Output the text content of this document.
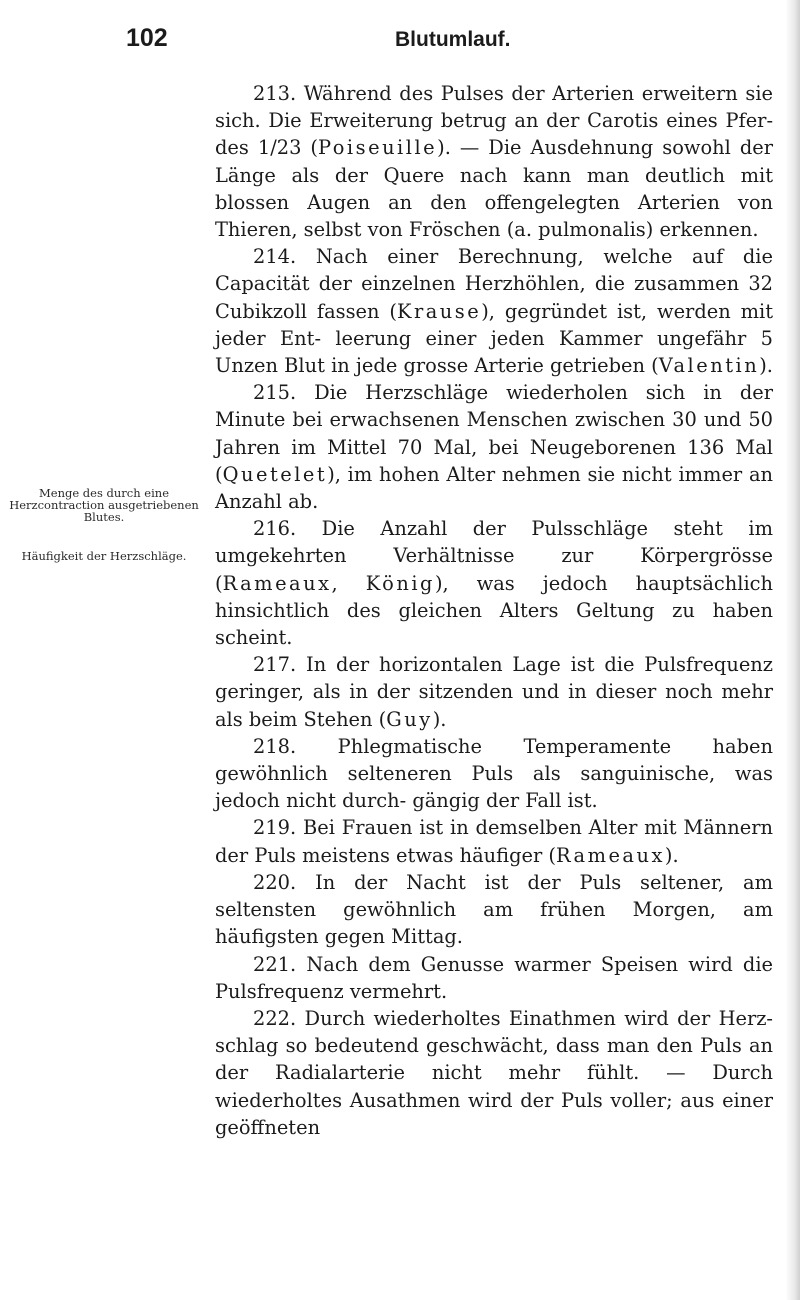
102	Blutumlauf.
Menge des durch eine Herzcontraction ausgetriebenen Blutes.
Häufigkeit der Herzschläge.

213. Während des Pulses der Arterien erweitern sie sich. Die Erweiterung betrug an der Carotis eines Pfer- des 1/23 (Poiseuille). — Die Ausdehnung sowohl der Länge als der Quere nach kann man deutlich mit blossen Augen an den offengelegten Arterien von Thieren, selbst von Fröschen (a. pulmonalis) erkennen.

214. Nach einer Berechnung, welche auf die Capacität der einzelnen Herzhöhlen, die zusammen 32 Cubikzoll fassen (Krause), gegründet ist, werden mit jeder Ent- leerung einer jeden Kammer ungefähr 5 Unzen Blut in jede grosse Arterie getrieben (Valentin).

215. Die Herzschläge wiederholen sich in der Minute bei erwachsenen Menschen zwischen 30 und 50 Jahren im Mittel 70 Mal, bei Neugeborenen 136 Mal (Quetelet), im hohen Alter nehmen sie nicht immer an Anzahl ab.

216. Die Anzahl der Pulsschläge steht im umgekehrten Verhältnisse zur Körpergrösse (Rameaux, König), was jedoch hauptsächlich hinsichtlich des gleichen Alters Geltung zu haben scheint.

217. In der horizontalen Lage ist die Pulsfrequenz geringer, als in der sitzenden und in dieser noch mehr als beim Stehen (Guy).

218. Phlegmatische Temperamente haben gewöhnlich selteneren Puls als sanguinische, was jedoch nicht durch- gängig der Fall ist.

219. Bei Frauen ist in demselben Alter mit Männern der Puls meistens etwas häufiger (Rameaux).

220. In der Nacht ist der Puls seltener, am seltensten gewöhnlich am frühen Morgen, am häufigsten gegen Mittag.

221. Nach dem Genusse warmer Speisen wird die Pulsfrequenz vermehrt.

222. Durch wiederholtes Einathmen wird der Herz- schlag so bedeutend geschwächt, dass man den Puls an der Radialarterie nicht mehr fühlt. — Durch wiederholtes Ausathmen wird der Puls voller; aus einer geöffneten
